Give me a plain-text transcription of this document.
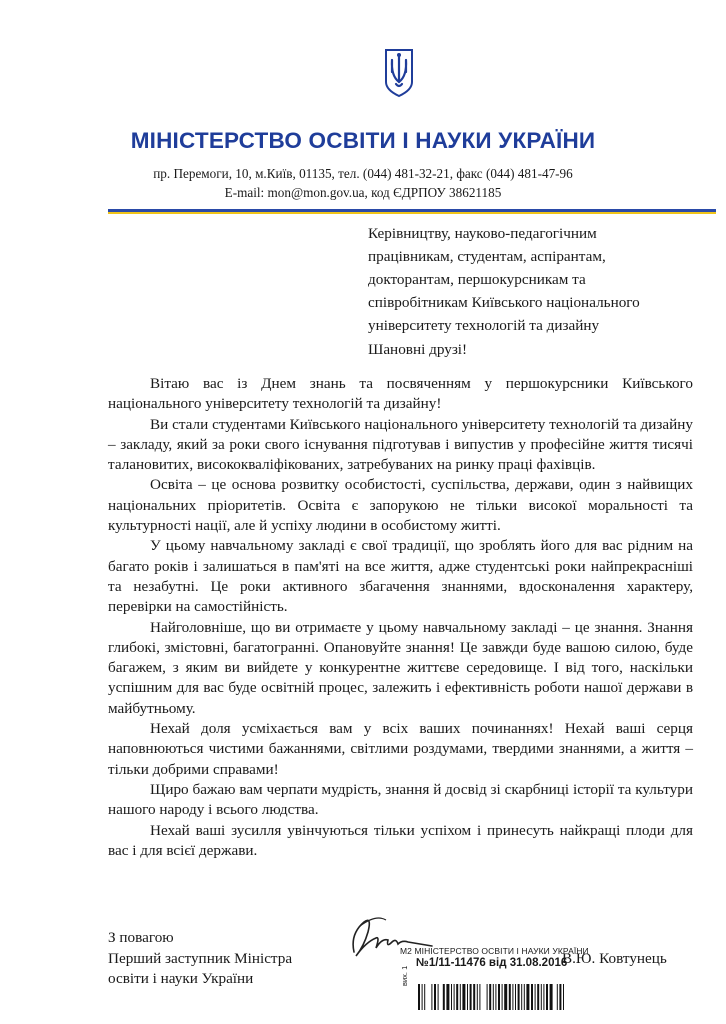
МІНІСТЕРСТВО ОСВІТИ І НАУКИ УКРАЇНИ
пр. Перемоги, 10, м.Київ, 01135, тел. (044) 481-32-21, факс (044) 481-47-96
E-mail: mon@mon.gov.ua, код ЄДРПОУ 38621185
Керівництву, науково-педагогічним
працівникам, студентам, аспірантам,
докторантам, першокурсникам та
співробітникам Київського національного
університету технологій та дизайну
Шановні друзі!

Вітаю вас із Днем знань та посвяченням у першокурсники Київського національного університету технологій та дизайну!

Ви стали студентами Київського національного університету технологій та дизайну – закладу, який за роки свого існування підготував і випустив у професійне життя тисячі талановитих, висококваліфікованих, затребуваних на ринку праці фахівців.

Освіта – це основа розвитку особистості, суспільства, держави, один з найвищих національних пріоритетів. Освіта є запорукою не тільки високої моральності та культурності нації, але й успіху людини в особистому житті.

У цьому навчальному закладі є свої традиції, що зроблять його для вас рідним на багато років і залишаться в пам'яті на все життя, адже студентські роки найпрекрасніші та незабутні. Це роки активного збагачення знаннями, вдосконалення характеру, перевірки на самостійність.

Найголовніше, що ви отримаєте у цьому навчальному закладі – це знання. Знання глибокі, змістовні, багатогранні. Опановуйте знання! Це завжди буде вашою силою, буде багажем, з яким ви вийдете у конкурентне життєве середовище. І від того, наскільки успішним для вас буде освітній процес, залежить і ефективність роботи нашої держави в майбутньому.

Нехай доля усміхається вам у всіх ваших починаннях! Нехай ваші серця наповнюються чистими бажаннями, світлими роздумами, твердими знаннями, а життя – тільки добрими справами!

Щиро бажаю вам черпати мудрість, знання й досвід зі скарбниці історії та культури нашого народу і всього людства.

Нехай ваші зусилля увінчуються тільки успіхом і принесуть найкращі плоди для вас і для всієї держави.

З повагою
Перший заступник Міністра
освіти і науки України
М2 МІНІСТЕРСТВО ОСВІТИ І НАУКИ УКРАЇНИ
№1/11-11476 від 31.08.2016
В.Ю. Ковтунець
вих. 1
